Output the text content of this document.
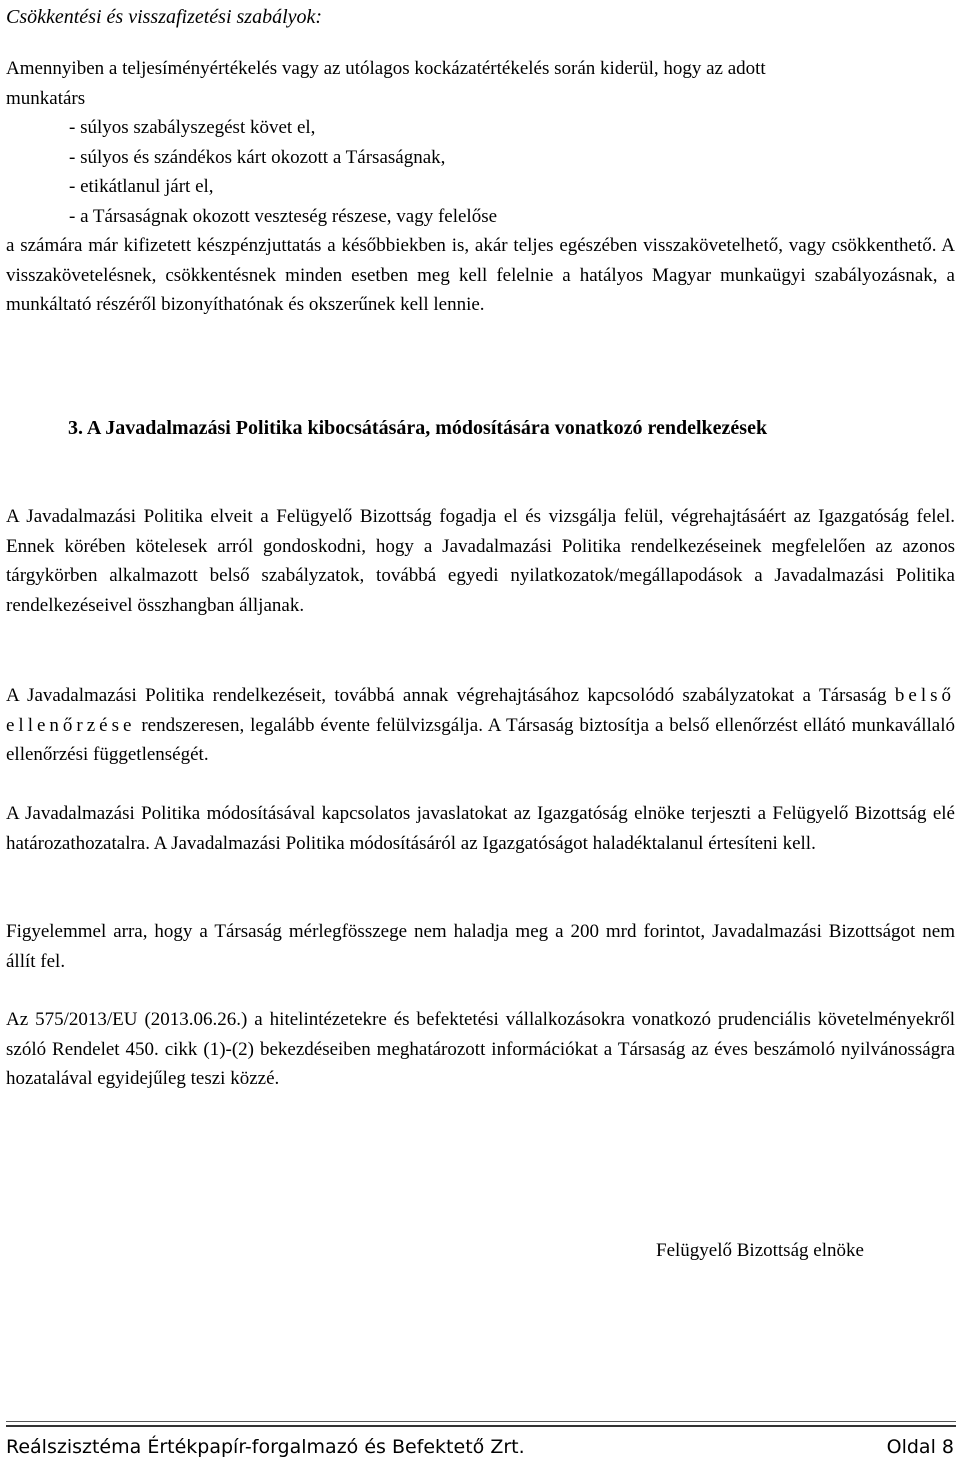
Csökkentési és visszafizetési szabályok:
Amennyiben a teljesíményértékelés vagy az utólagos kockázatértékelés során kiderül, hogy az adott
munkatárs
- súlyos szabályszegést követ el,
- súlyos és szándékos kárt okozott a Társaságnak,
- etikátlanul járt el,
- a Társaságnak okozott veszteség részese, vagy felelőse
a számára már kifizetett készpénzjuttatás a későbbiekben is, akár teljes egészében visszakövetelhető, vagy csökkenthető. A visszakövetelésnek, csökkentésnek minden esetben meg kell felelnie a hatályos Magyar munkaügyi szabályozásnak, a munkáltató részéről bizonyíthatónak és okszerűnek kell lennie.
3. A Javadalmazási Politika kibocsátására, módosítására vonatkozó rendelkezések
A Javadalmazási Politika elveit a Felügyelő Bizottság fogadja el és vizsgálja felül, végrehajtásáért az Igazgatóság felel. Ennek körében kötelesek arról gondoskodni, hogy a Javadalmazási Politika rendelkezéseinek megfelelően az azonos tárgykörben alkalmazott belső szabályzatok, továbbá egyedi nyilatkozatok/megállapodások a Javadalmazási Politika rendelkezéseivel összhangban álljanak.
A Javadalmazási Politika rendelkezéseit, továbbá annak végrehajtásához kapcsolódó szabályzatokat a Társaság belső ellenőrzése rendszeresen, legalább évente felülvizsgálja. A Társaság biztosítja a belső ellenőrzést ellátó munkavállaló ellenőrzési függetlenségét.
A Javadalmazási Politika módosításával kapcsolatos javaslatokat az Igazgatóság elnöke terjeszti a Felügyelő Bizottság elé határozathozatalra. A Javadalmazási Politika módosításáról az Igazgatóságot haladéktalanul értesíteni kell.
Figyelemmel arra, hogy a Társaság mérlegfösszege nem haladja meg a 200 mrd forintot, Javadalmazási Bizottságot nem állít fel.
Az 575/2013/EU (2013.06.26.) a hitelintézetekre és befektetési vállalkozásokra vonatkozó prudenciális követelményekről szóló Rendelet 450. cikk (1)-(2) bekezdéseiben meghatározott információkat a Társaság az éves beszámoló nyilvánosságra hozatalával egyidejűleg teszi közzé.
Felügyelő Bizottság elnöke
Reálszisztéma Értékpapír-forgalmazó és Befektető Zrt.	Oldal 8
